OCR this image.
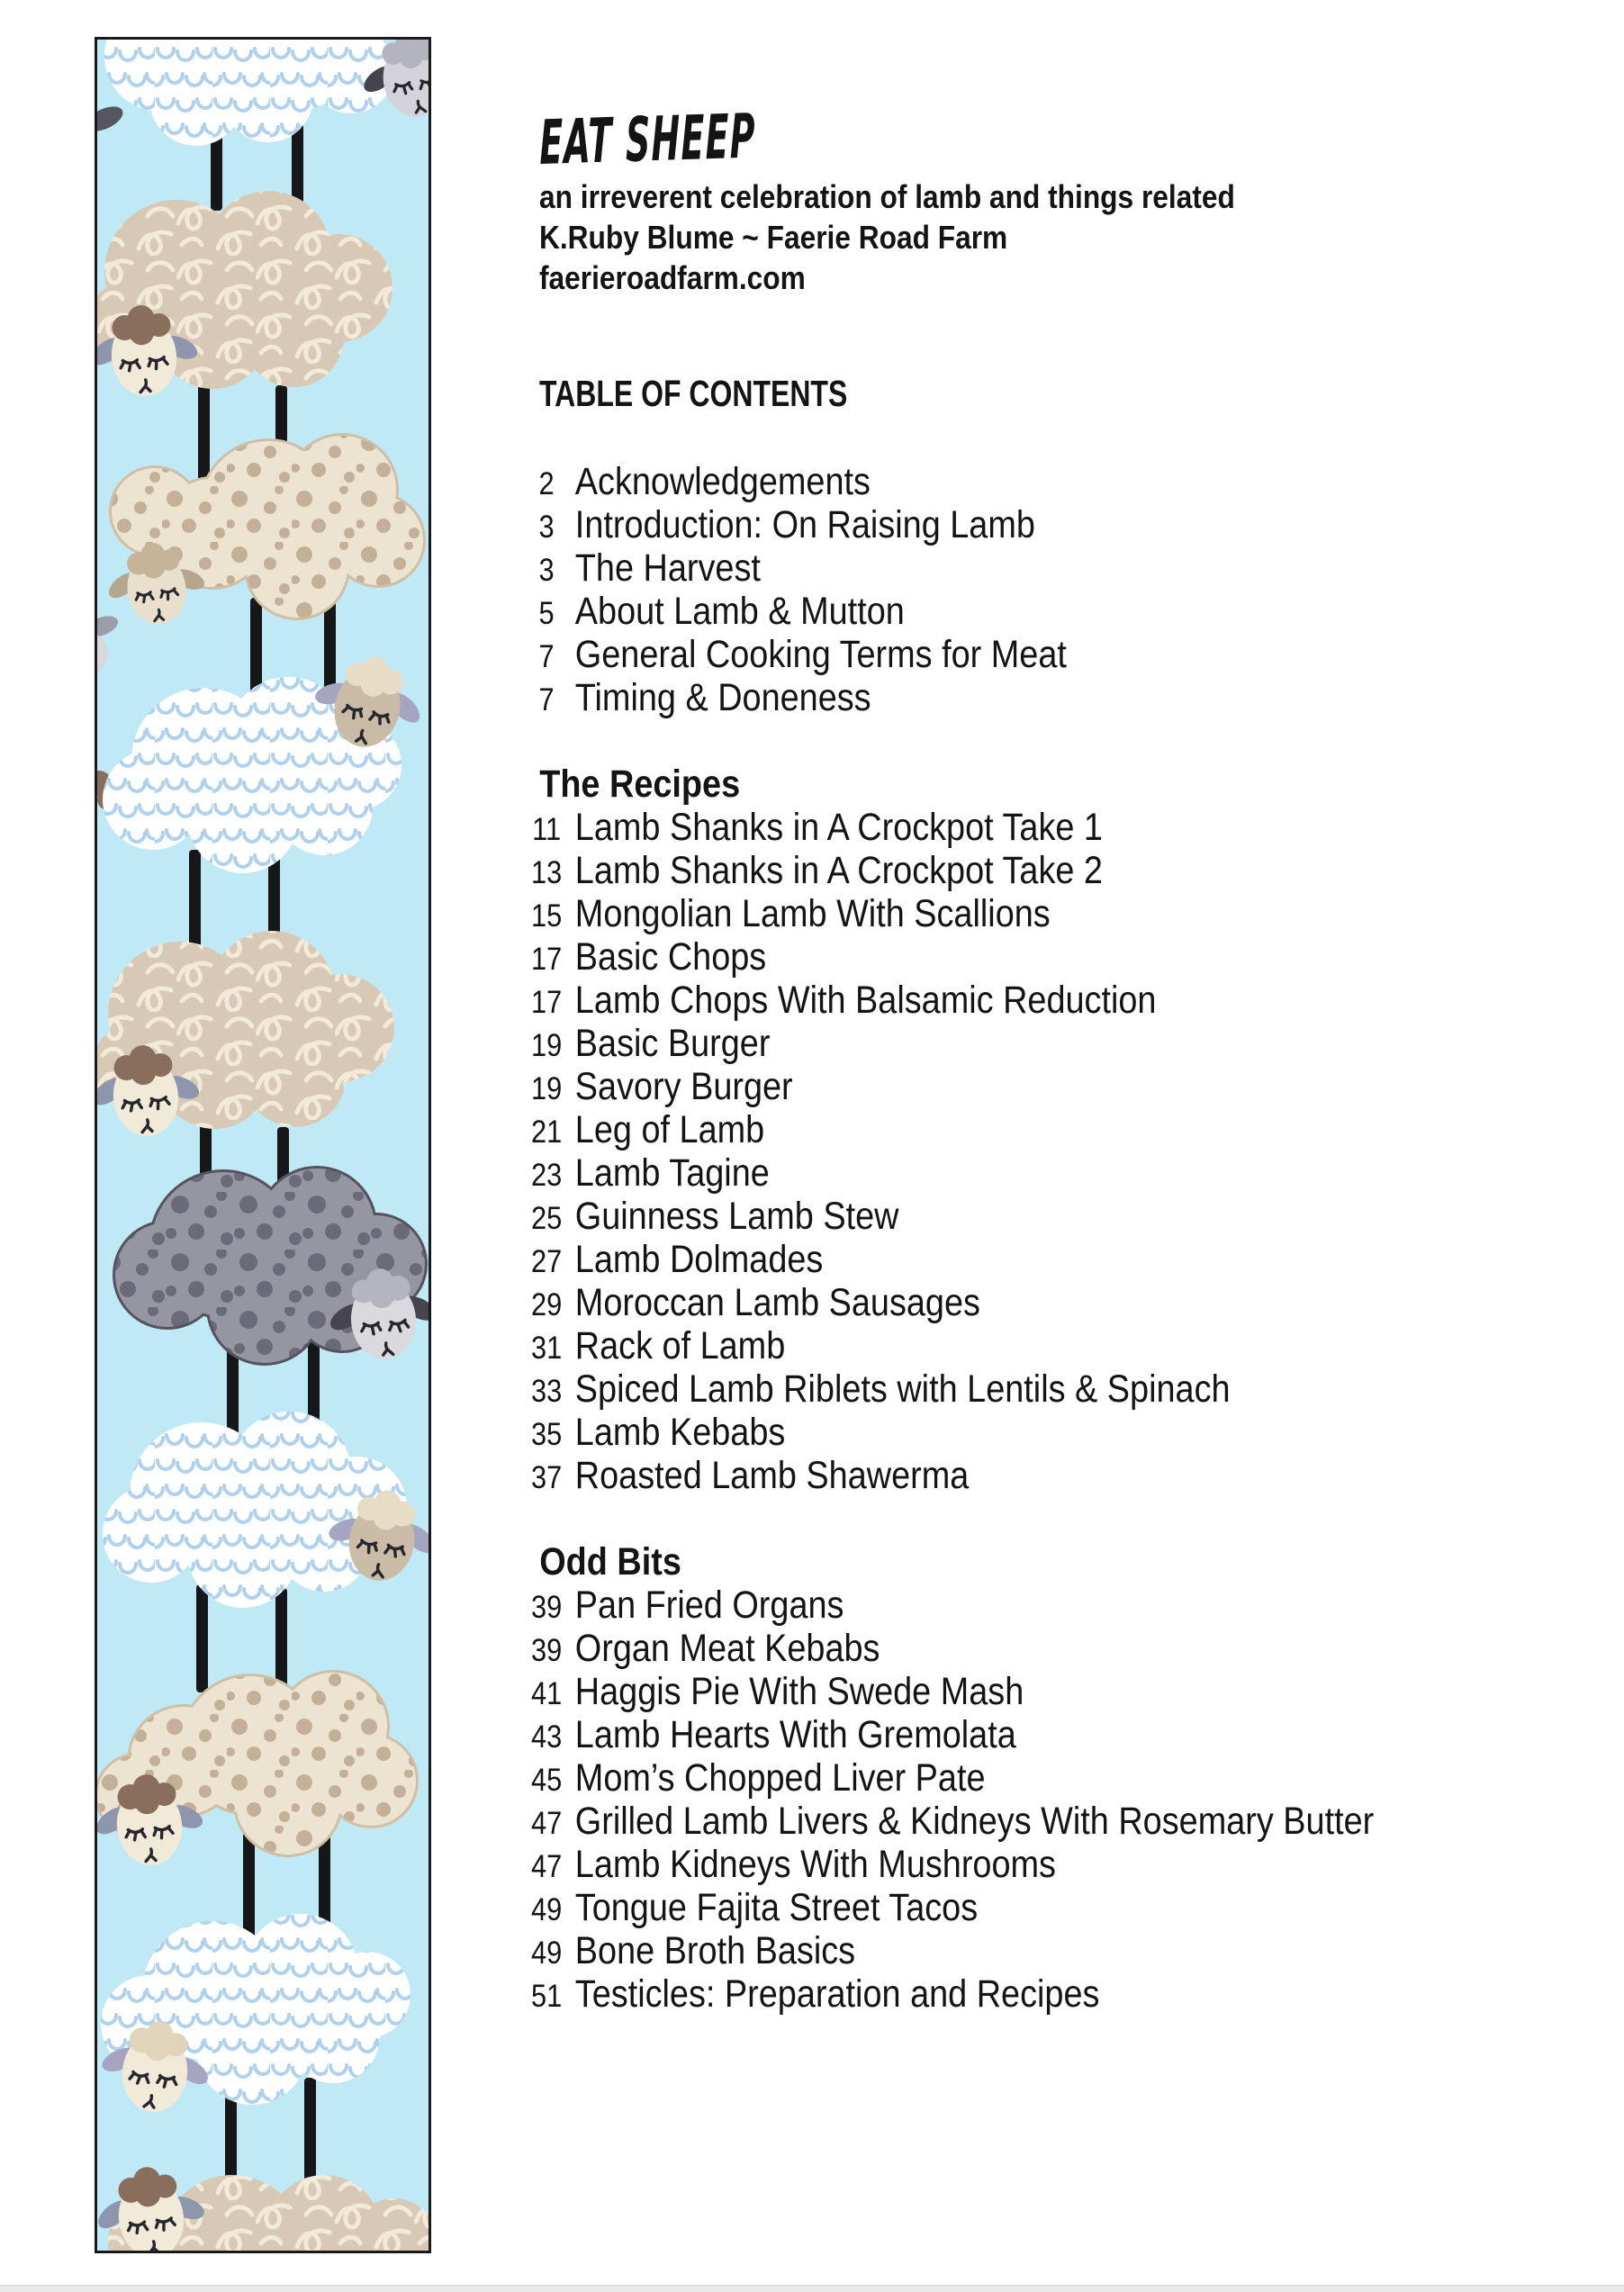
EAT SHEEP
an irreverent celebration of lamb and things related
K.Ruby Blume ~ Faerie Road Farm
faerieroadfarm.com
TABLE OF CONTENTS
2 Acknowledgements
3 Introduction: On Raising Lamb
3 The Harvest
5 About Lamb & Mutton
7 General Cooking Terms for Meat
7 Timing & Doneness
The Recipes
11 Lamb Shanks in A Crockpot Take 1
13 Lamb Shanks in A Crockpot Take 2
15 Mongolian Lamb With Scallions
17 Basic Chops
17 Lamb Chops With Balsamic Reduction
19 Basic Burger
19 Savory Burger
21 Leg of Lamb
23 Lamb Tagine
25 Guinness Lamb Stew
27 Lamb Dolmades
29 Moroccan Lamb Sausages
31 Rack of Lamb
33 Spiced Lamb Riblets with Lentils & Spinach
35 Lamb Kebabs
37 Roasted Lamb Shawerma
Odd Bits
39 Pan Fried Organs
39 Organ Meat Kebabs
41 Haggis Pie With Swede Mash
43 Lamb Hearts With Gremolata
45 Mom’s Chopped Liver Pate
47 Grilled Lamb Livers & Kidneys With Rosemary Butter
47 Lamb Kidneys With Mushrooms
49 Tongue Fajita Street Tacos
49 Bone Broth Basics
51 Testicles: Preparation and Recipes
